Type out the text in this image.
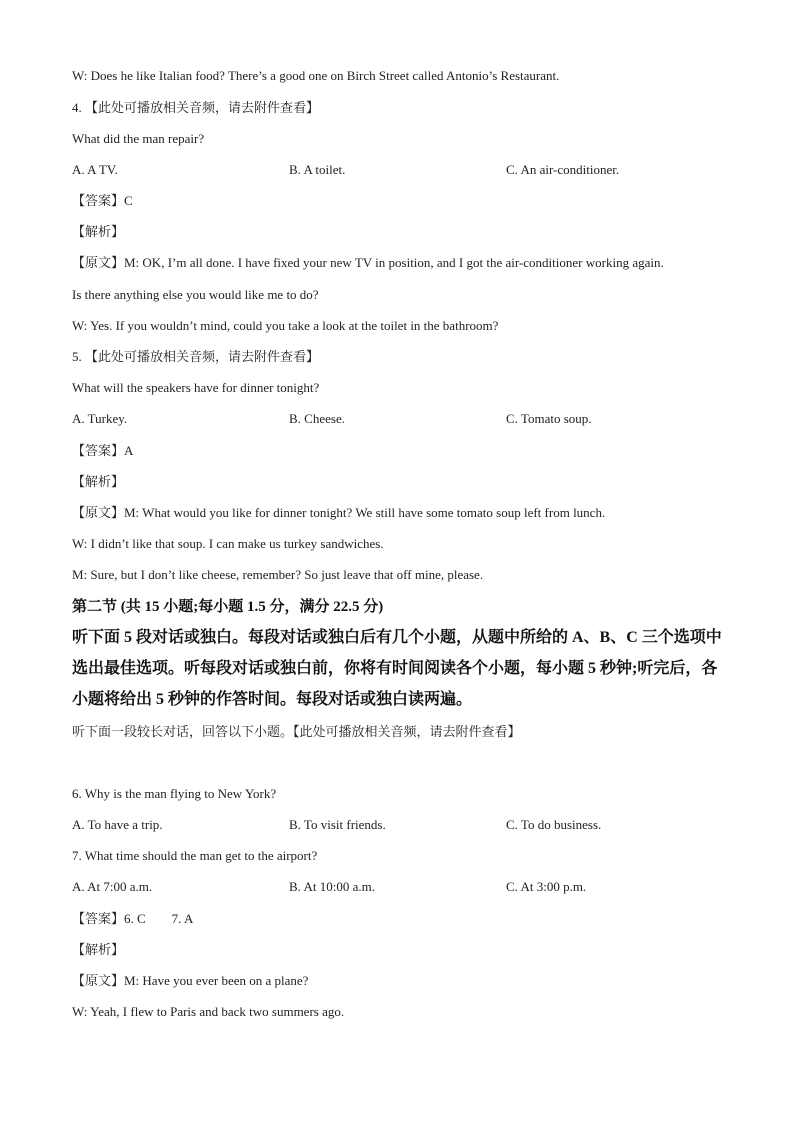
W: Does he like Italian food? There’s a good one on Birch Street called Antonio’s Restaurant.
4. 【此处可播放相关音频，请去附件查看】
What did the man repair?
A. A TV.	B. A toilet.	C. An air-conditioner.
【答案】C
【解析】
【原文】M: OK, I’m all done. I have fixed your new TV in position, and I got the air-conditioner working again.
Is there anything else you would like me to do?
W: Yes. If you wouldn’t mind, could you take a look at the toilet in the bathroom?
5. 【此处可播放相关音频，请去附件查看】
What will the speakers have for dinner tonight?
A. Turkey.	B. Cheese.	C. Tomato soup.
【答案】A
【解析】
【原文】M: What would you like for dinner tonight? We still have some tomato soup left from lunch.
W: I didn’t like that soup. I can make us turkey sandwiches.
M: Sure, but I don’t like cheese, remember? So just leave that off mine, please.
第二节 (共 15 小题;每小题 1.5 分，满分 22.5 分)
听下面 5 段对话或独白。每段对话或独白后有几个小题，从题中所给的 A、B、C 三个选项中
选出最佳选项。听每段对话或独白前，你将有时间阅读各个小题，每小题 5 秒钟;听完后，各
小题将给出 5 秒钟的作答时间。每段对话或独白读两遍。
听下面一段较长对话，回答以下小题。【此处可播放相关音频，请去附件查看】
6. Why is the man flying to New York?
A. To have a trip.	B. To visit friends.	C. To do business.
7. What time should the man get to the airport?
A. At 7:00 a.m.	B. At 10:00 a.m.	C. At 3:00 p.m.
【答案】6. C 7. A
【解析】
【原文】M: Have you ever been on a plane?
W: Yeah, I flew to Paris and back two summers ago.
